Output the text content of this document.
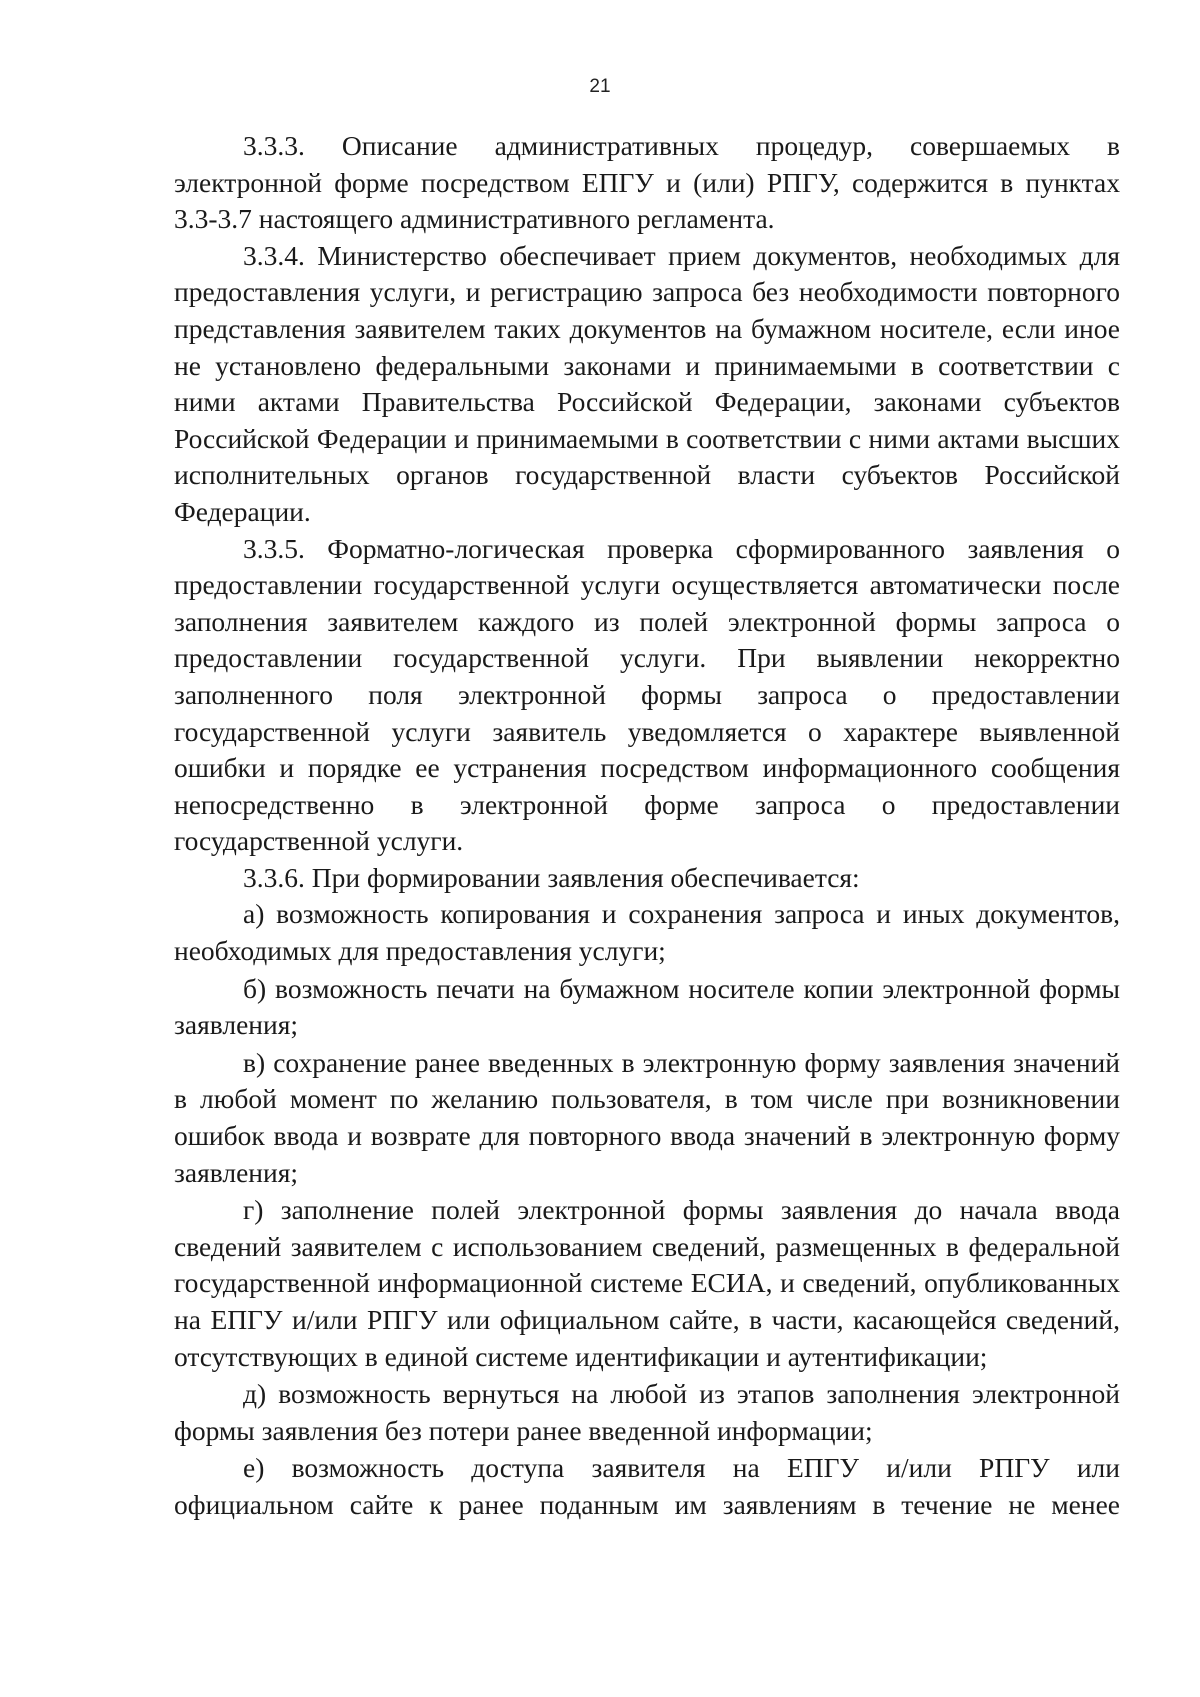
21

3.3.3. Описание административных процедур, совершаемых в электронной форме посредством ЕПГУ и (или) РПГУ, содержится в пунктах 3.3-3.7 настоящего административного регламента.

3.3.4. Министерство обеспечивает прием документов, необходимых для предоставления услуги, и регистрацию запроса без необходимости повторного представления заявителем таких документов на бумажном носителе, если иное не установлено федеральными законами и принимаемыми в соответствии с ними актами Правительства Российской Федерации, законами субъектов Российской Федерации и принимаемыми в соответствии с ними актами высших исполнительных органов государственной власти субъектов Российской Федерации.

3.3.5. Форматно-логическая проверка сформированного заявления о предоставлении государственной услуги осуществляется автоматически после заполнения заявителем каждого из полей электронной формы запроса о предоставлении государственной услуги. При выявлении некорректно заполненного поля электронной формы запроса о предоставлении государственной услуги заявитель уведомляется о характере выявленной ошибки и порядке ее устранения посредством информационного сообщения непосредственно в электронной форме запроса о предоставлении государственной услуги.

3.3.6. При формировании заявления обеспечивается:

а) возможность копирования и сохранения запроса и иных документов, необходимых для предоставления услуги;

б) возможность печати на бумажном носителе копии электронной формы заявления;

в) сохранение ранее введенных в электронную форму заявления значений в любой момент по желанию пользователя, в том числе при возникновении ошибок ввода и возврате для повторного ввода значений в электронную форму заявления;

г) заполнение полей электронной формы заявления до начала ввода сведений заявителем с использованием сведений, размещенных в федеральной государственной информационной системе ЕСИА, и сведений, опубликованных на ЕПГУ и/или РПГУ или официальном сайте, в части, касающейся сведений, отсутствующих в единой системе идентификации и аутентификации;

д) возможность вернуться на любой из этапов заполнения электронной формы заявления без потери ранее введенной информации;

е) возможность доступа заявителя на ЕПГУ и/или РПГУ или официальном сайте к ранее поданным им заявлениям в течение не менее
